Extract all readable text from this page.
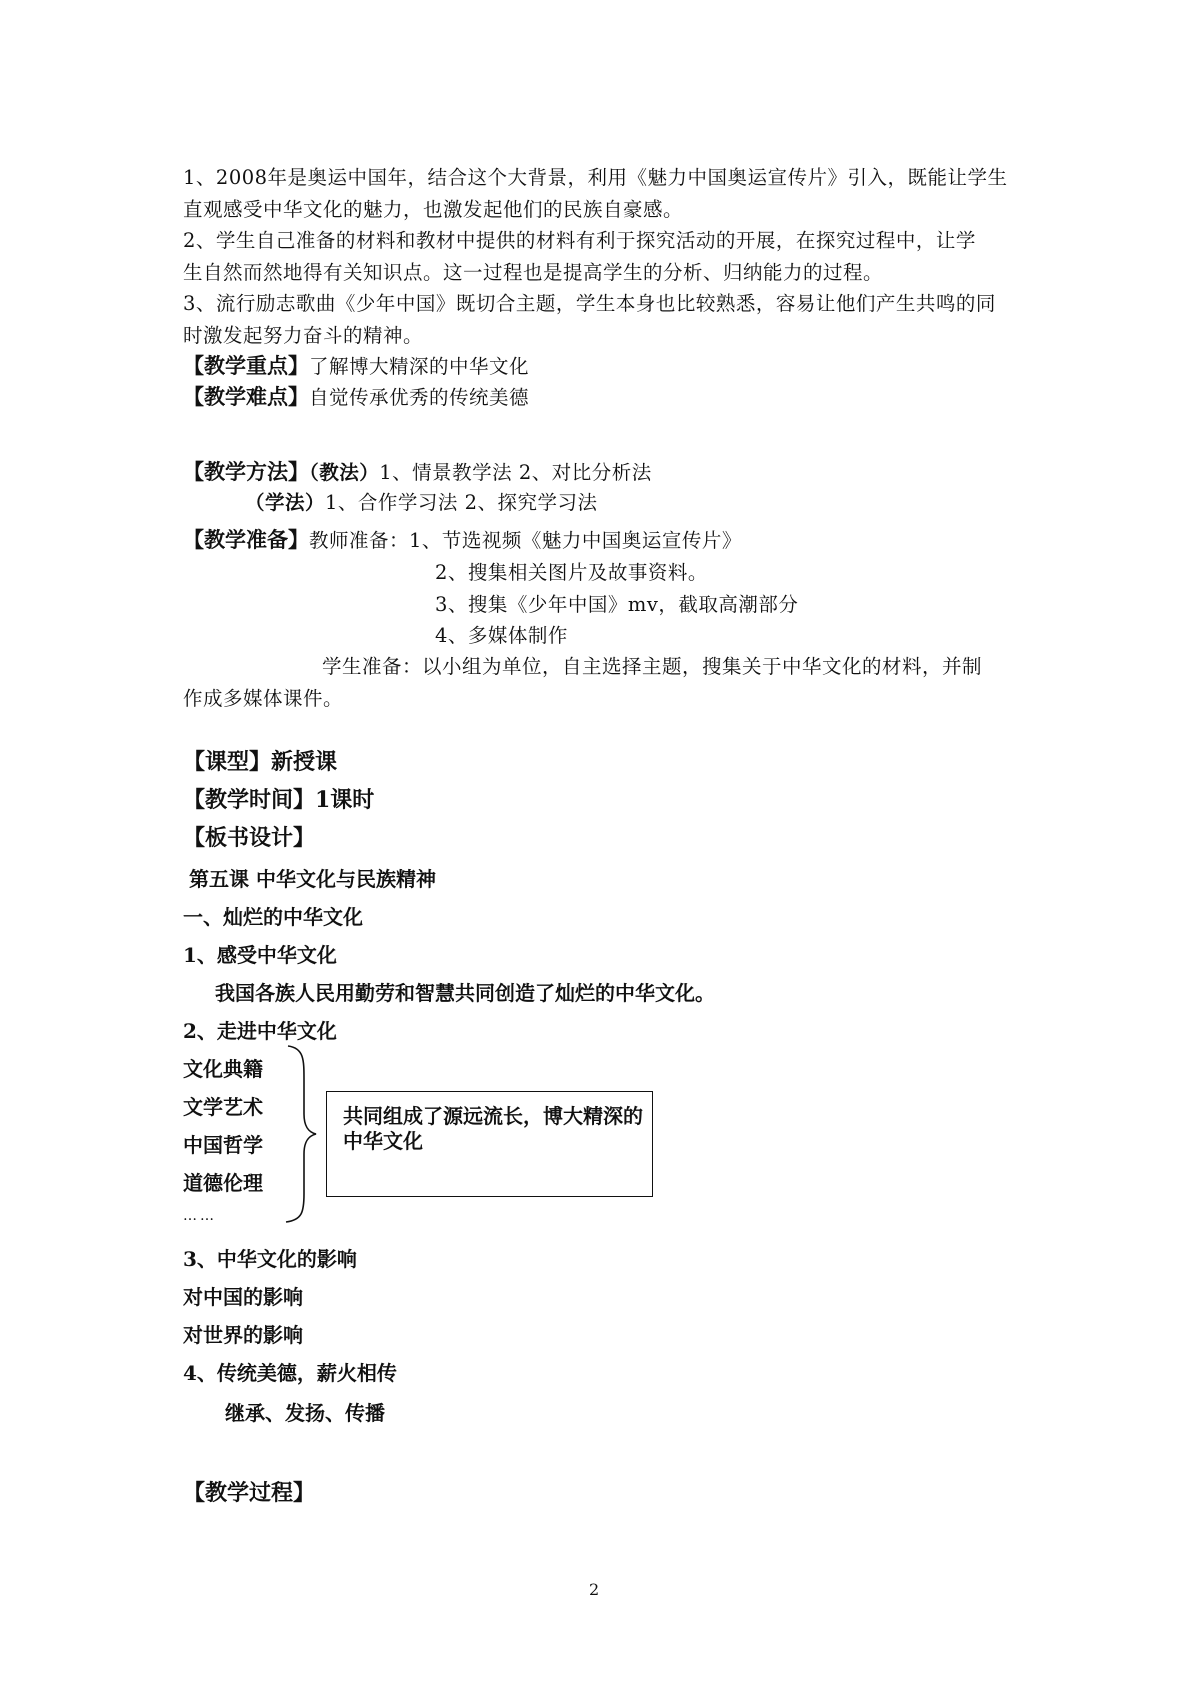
1、2008年是奥运中国年，结合这个大背景，利用《魅力中国奥运宣传片》引入，既能让学生
直观感受中华文化的魅力，也激发起他们的民族自豪感。
2、学生自己准备的材料和教材中提供的材料有利于探究活动的开展，在探究过程中，让学
生自然而然地得有关知识点。这一过程也是提高学生的分析、归纳能力的过程。
3、流行励志歌曲《少年中国》既切合主题，学生本身也比较熟悉，容易让他们产生共鸣的同
时激发起努力奋斗的精神。
【教学重点】了解博大精深的中华文化
【教学难点】自觉传承优秀的传统美德
【教学方法】（教法）1、情景教学法 2、对比分析法
（学法）1、合作学习法 2、探究学习法
【教学准备】教师准备：1、节选视频《魅力中国奥运宣传片》
2、搜集相关图片及故事资料。
3、搜集《少年中国》mv，截取高潮部分
4、多媒体制作
学生准备：以小组为单位，自主选择主题，搜集关于中华文化的材料，并制
作成多媒体课件。
【课型】新授课
【教学时间】1课时
【板书设计】
第五课 中华文化与民族精神
一、灿烂的中华文化
1、感受中华文化
我国各族人民用勤劳和智慧共同创造了灿烂的中华文化。
2、走进中华文化
文化典籍
文学艺术
中国哲学
道德伦理
……
共同组成了源远流长，博大精深的中华文化
3、中华文化的影响
对中国的影响
对世界的影响
4、传统美德，薪火相传
继承、发扬、传播
【教学过程】
2
